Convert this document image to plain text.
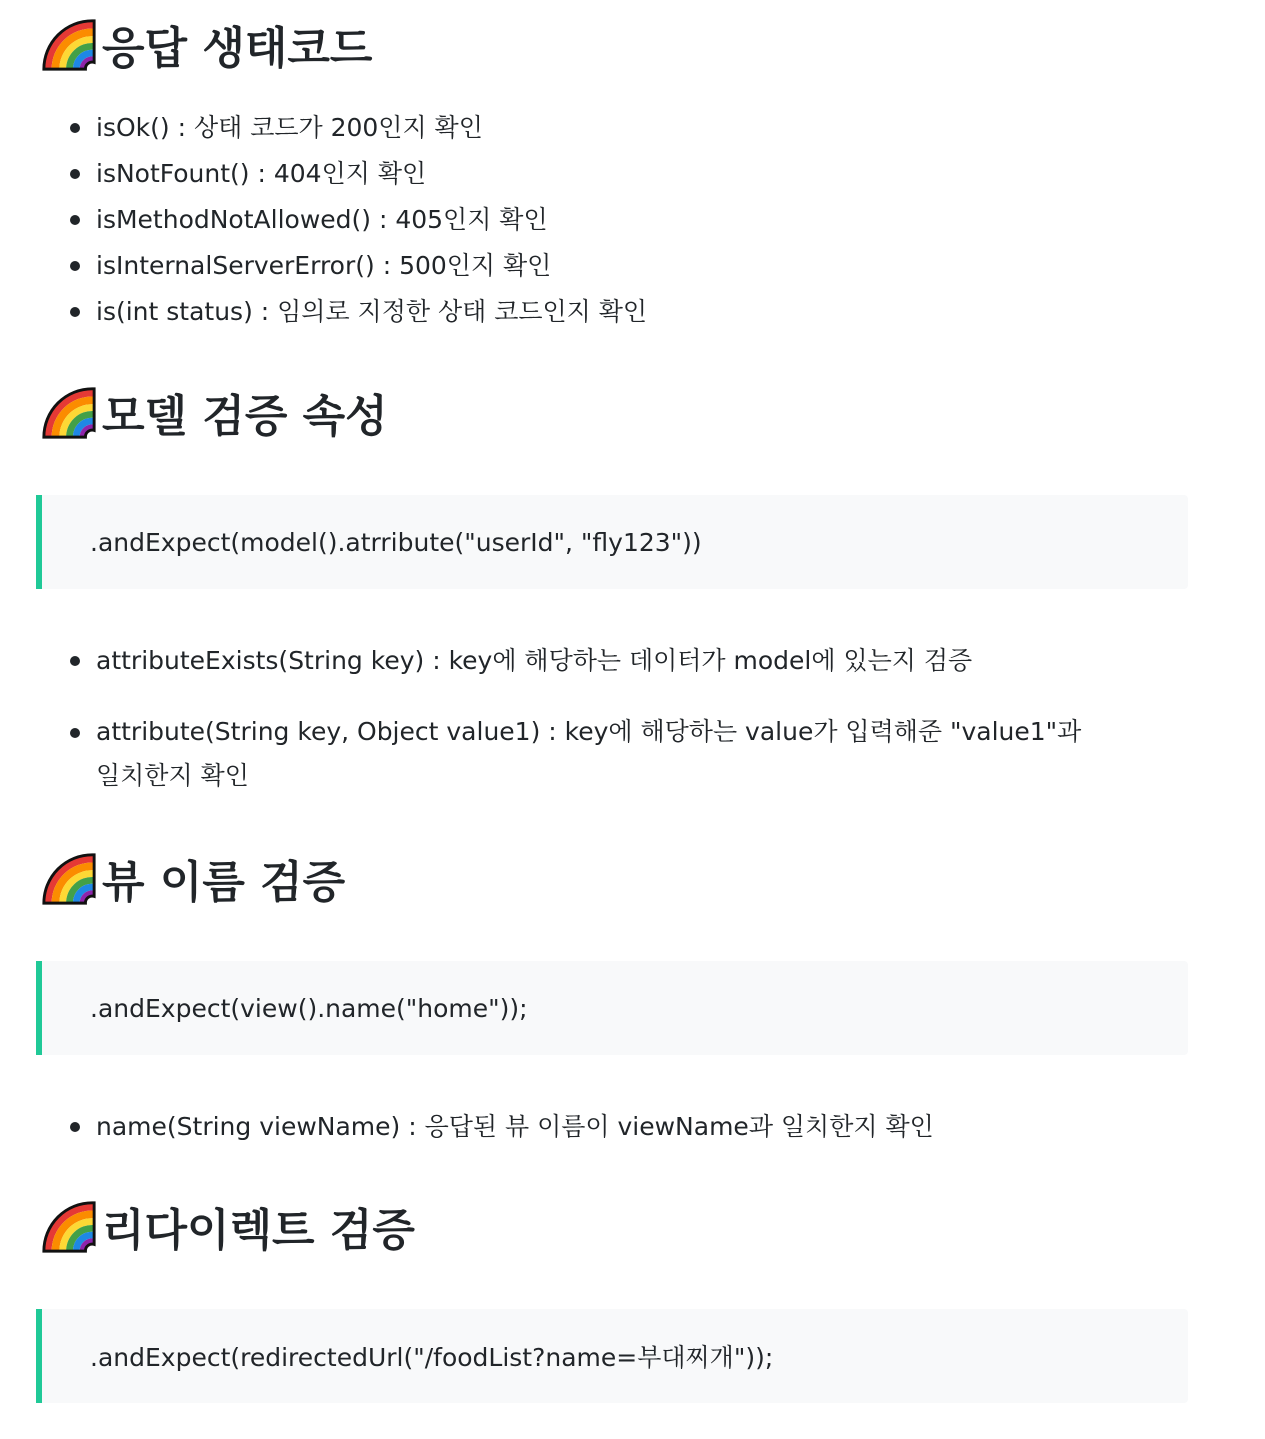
응답 생태코드
isOk() : 상태 코드가 200인지 확인
isNotFount() : 404인지 확인
isMethodNotAllowed() : 405인지 확인
isInternalServerError() : 500인지 확인
is(int status) : 임의로 지정한 상태 코드인지 확인
모델 검증 속성
.andExpect(model().atrribute("userId", "fly123"))
attributeExists(String key) : key에 해당하는 데이터가 model에 있는지 검증
attribute(String key, Object value1) : key에 해당하는 value가 입력해준 "value1"과 일치한지 확인
뷰 이름 검증
.andExpect(view().name("home"));
name(String viewName) : 응답된 뷰 이름이 viewName과 일치한지 확인
리다이렉트 검증
.andExpect(redirectedUrl("/foodList?name=부대찌개"));
